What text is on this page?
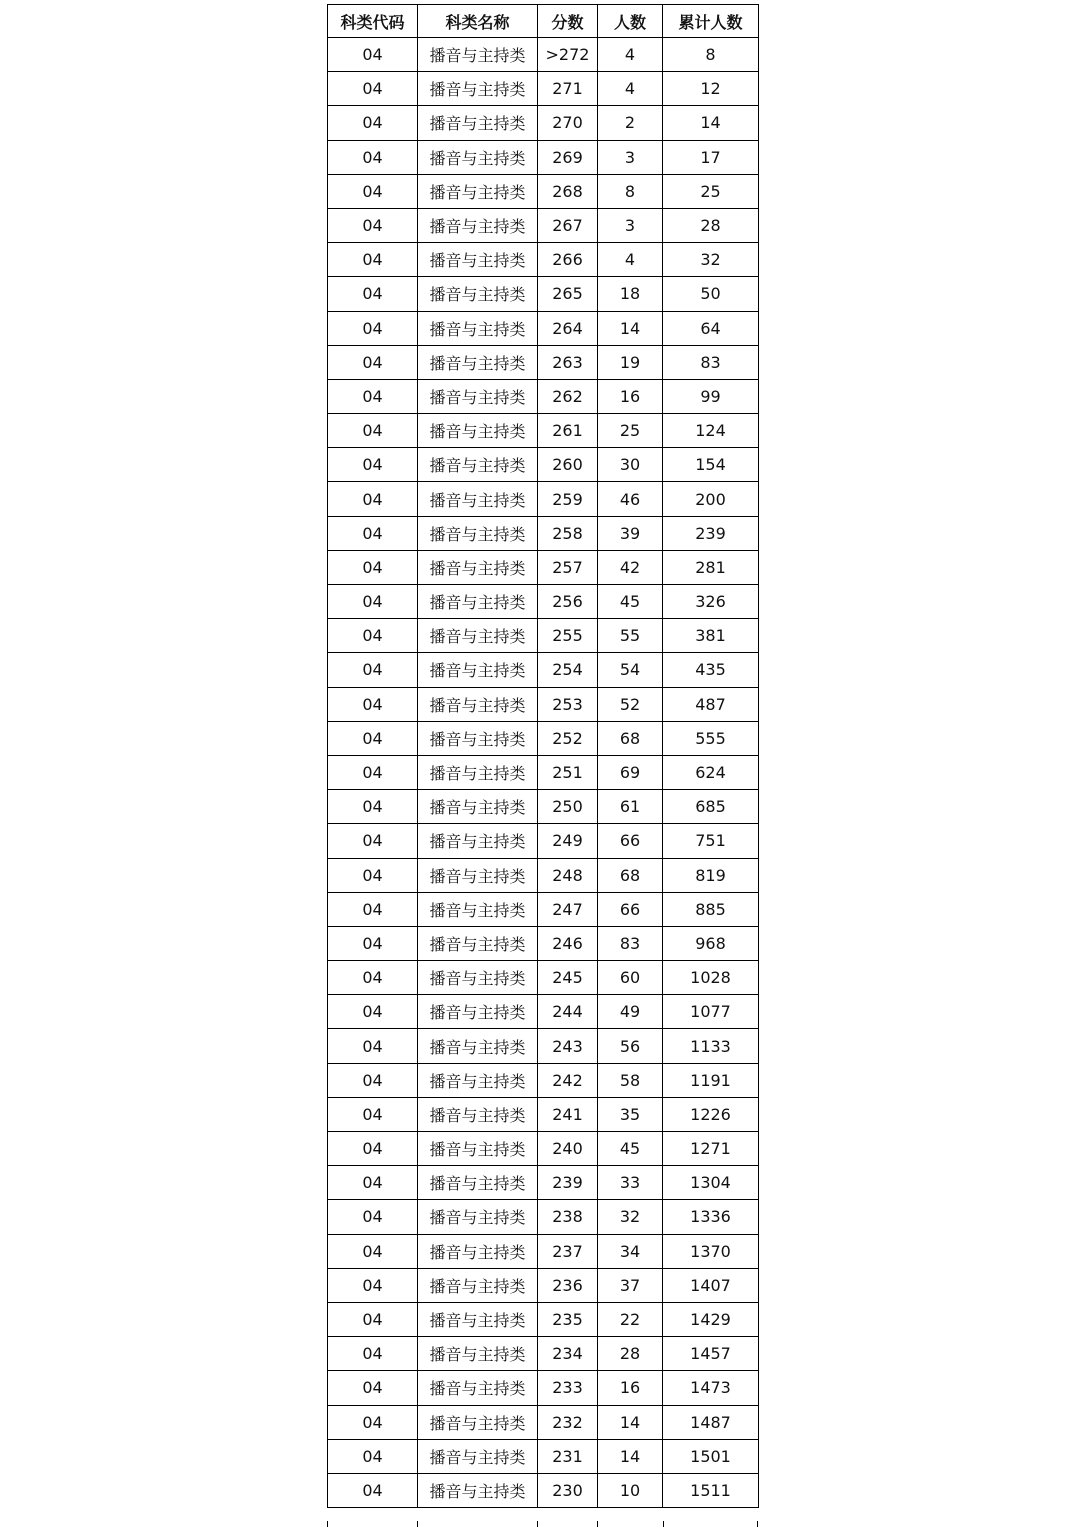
科类代码	科类名称	分数	人数	累计人数
04	播音与主持类	>272	4	8
04	播音与主持类	271	4	12
04	播音与主持类	270	2	14
04	播音与主持类	269	3	17
04	播音与主持类	268	8	25
04	播音与主持类	267	3	28
04	播音与主持类	266	4	32
04	播音与主持类	265	18	50
04	播音与主持类	264	14	64
04	播音与主持类	263	19	83
04	播音与主持类	262	16	99
04	播音与主持类	261	25	124
04	播音与主持类	260	30	154
04	播音与主持类	259	46	200
04	播音与主持类	258	39	239
04	播音与主持类	257	42	281
04	播音与主持类	256	45	326
04	播音与主持类	255	55	381
04	播音与主持类	254	54	435
04	播音与主持类	253	52	487
04	播音与主持类	252	68	555
04	播音与主持类	251	69	624
04	播音与主持类	250	61	685
04	播音与主持类	249	66	751
04	播音与主持类	248	68	819
04	播音与主持类	247	66	885
04	播音与主持类	246	83	968
04	播音与主持类	245	60	1028
04	播音与主持类	244	49	1077
04	播音与主持类	243	56	1133
04	播音与主持类	242	58	1191
04	播音与主持类	241	35	1226
04	播音与主持类	240	45	1271
04	播音与主持类	239	33	1304
04	播音与主持类	238	32	1336
04	播音与主持类	237	34	1370
04	播音与主持类	236	37	1407
04	播音与主持类	235	22	1429
04	播音与主持类	234	28	1457
04	播音与主持类	233	16	1473
04	播音与主持类	232	14	1487
04	播音与主持类	231	14	1501
04	播音与主持类	230	10	1511
